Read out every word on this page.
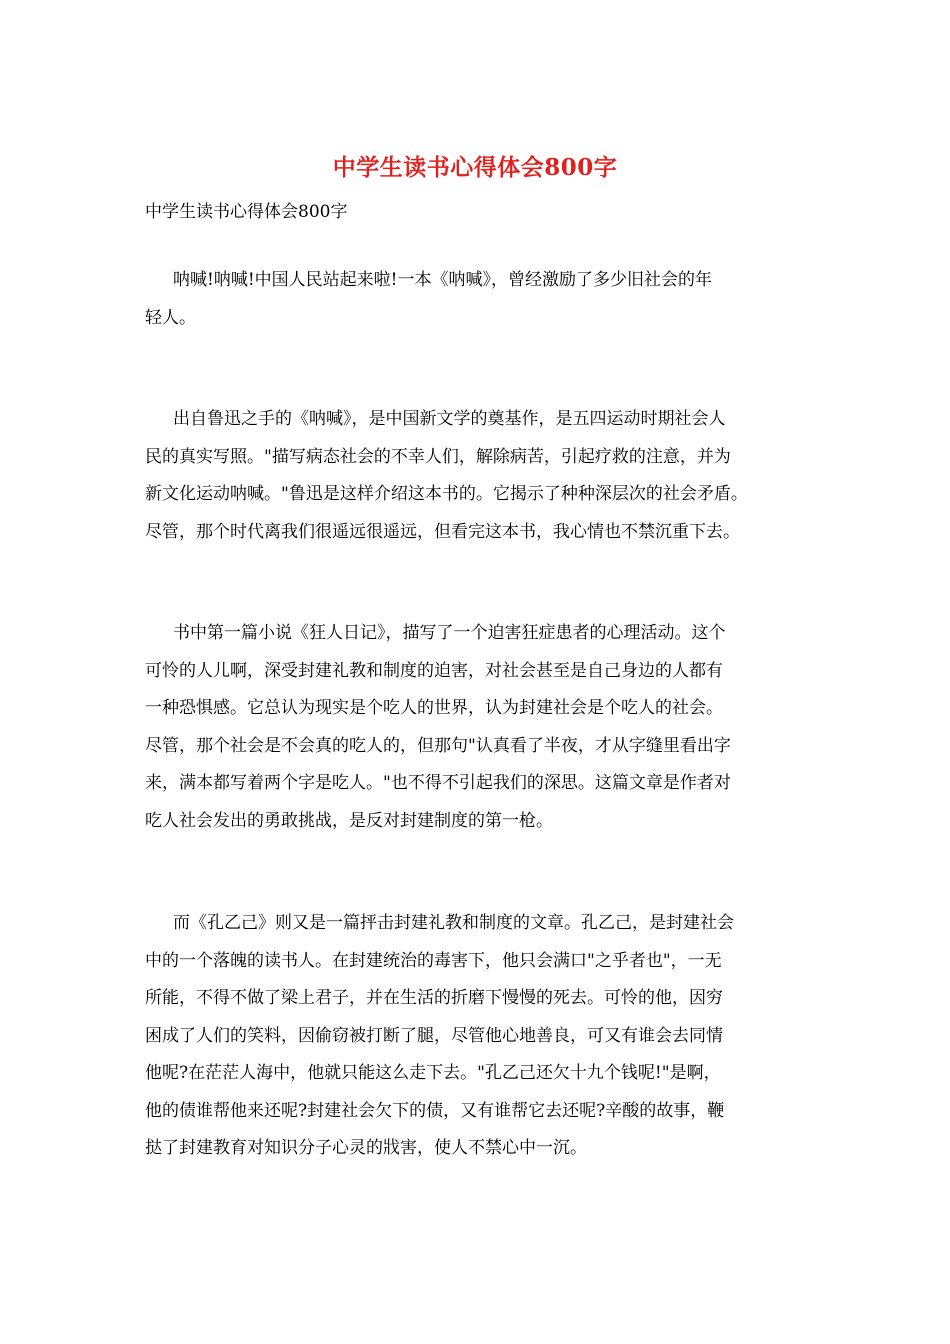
中学生读书心得体会800字
中学生读书心得体会800字
呐喊!呐喊!中国人民站起来啦!一本《呐喊》，曾经激励了多少旧社会的年
轻人。
出自鲁迅之手的《呐喊》，是中国新文学的奠基作，是五四运动时期社会人
民的真实写照。"描写病态社会的不幸人们，解除病苦，引起疗救的注意，并为
新文化运动呐喊。"鲁迅是这样介绍这本书的。它揭示了种种深层次的社会矛盾。
尽管，那个时代离我们很遥远很遥远，但看完这本书，我心情也不禁沉重下去。
书中第一篇小说《狂人日记》，描写了一个迫害狂症患者的心理活动。这个
可怜的人儿啊，深受封建礼教和制度的迫害，对社会甚至是自己身边的人都有
一种恐惧感。它总认为现实是个吃人的世界，认为封建社会是个吃人的社会。
尽管，那个社会是不会真的吃人的，但那句"认真看了半夜，才从字缝里看出字
来，满本都写着两个字是吃人。"也不得不引起我们的深思。这篇文章是作者对
吃人社会发出的勇敢挑战，是反对封建制度的第一枪。
而《孔乙己》则又是一篇抨击封建礼教和制度的文章。孔乙己，是封建社会
中的一个落魄的读书人。在封建统治的毒害下，他只会满口"之乎者也"，一无
所能，不得不做了梁上君子，并在生活的折磨下慢慢的死去。可怜的他，因穷
困成了人们的笑料，因偷窃被打断了腿，尽管他心地善良，可又有谁会去同情
他呢?在茫茫人海中，他就只能这么走下去。"孔乙己还欠十九个钱呢!"是啊，
他的债谁帮他来还呢?封建社会欠下的债，又有谁帮它去还呢?辛酸的故事，鞭
挞了封建教育对知识分子心灵的戕害，使人不禁心中一沉。
